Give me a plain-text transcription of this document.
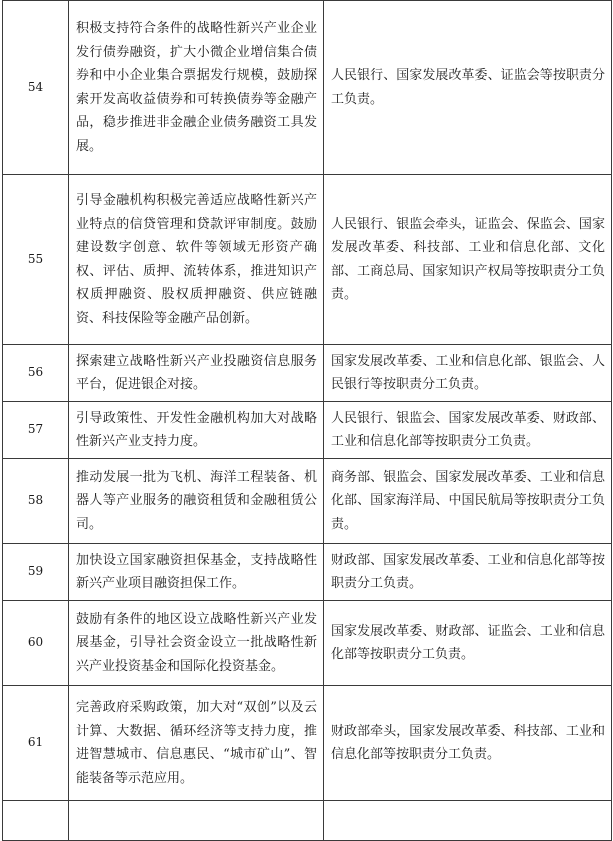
54	积极支持符合条件的战略性新兴产业企业发行债券融资，扩大小微企业增信集合债券和中小企业集合票据发行规模，鼓励探索开发高收益债券和可转换债券等金融产品，稳步推进非金融企业债务融资工具发展。	人民银行、国家发展改革委、证监会等按职责分工负责。
55	引导金融机构积极完善适应战略性新兴产业特点的信贷管理和贷款评审制度。鼓励建设数字创意、软件等领域无形资产确权、评估、质押、流转体系，推进知识产权质押融资、股权质押融资、供应链融资、科技保险等金融产品创新。	人民银行、银监会牵头，证监会、保监会、国家发展改革委、科技部、工业和信息化部、文化部、工商总局、国家知识产权局等按职责分工负责。
56	探索建立战略性新兴产业投融资信息服务平台，促进银企对接。	国家发展改革委、工业和信息化部、银监会、人民银行等按职责分工负责。
57	引导政策性、开发性金融机构加大对战略性新兴产业支持力度。	人民银行、银监会、国家发展改革委、财政部、工业和信息化部等按职责分工负责。
58	推动发展一批为飞机、海洋工程装备、机器人等产业服务的融资租赁和金融租赁公司。	商务部、银监会、国家发展改革委、工业和信息化部、国家海洋局、中国民航局等按职责分工负责。
59	加快设立国家融资担保基金，支持战略性新兴产业项目融资担保工作。	财政部、国家发展改革委、工业和信息化部等按职责分工负责。
60	鼓励有条件的地区设立战略性新兴产业发展基金，引导社会资金设立一批战略性新兴产业投资基金和国际化投资基金。	国家发展改革委、财政部、证监会、工业和信息化部等按职责分工负责。
61	完善政府采购政策，加大对“双创”以及云计算、大数据、循环经济等支持力度，推进智慧城市、信息惠民、“城市矿山”、智能装备等示范应用。	财政部牵头，国家发展改革委、科技部、工业和信息化部等按职责分工负责。
